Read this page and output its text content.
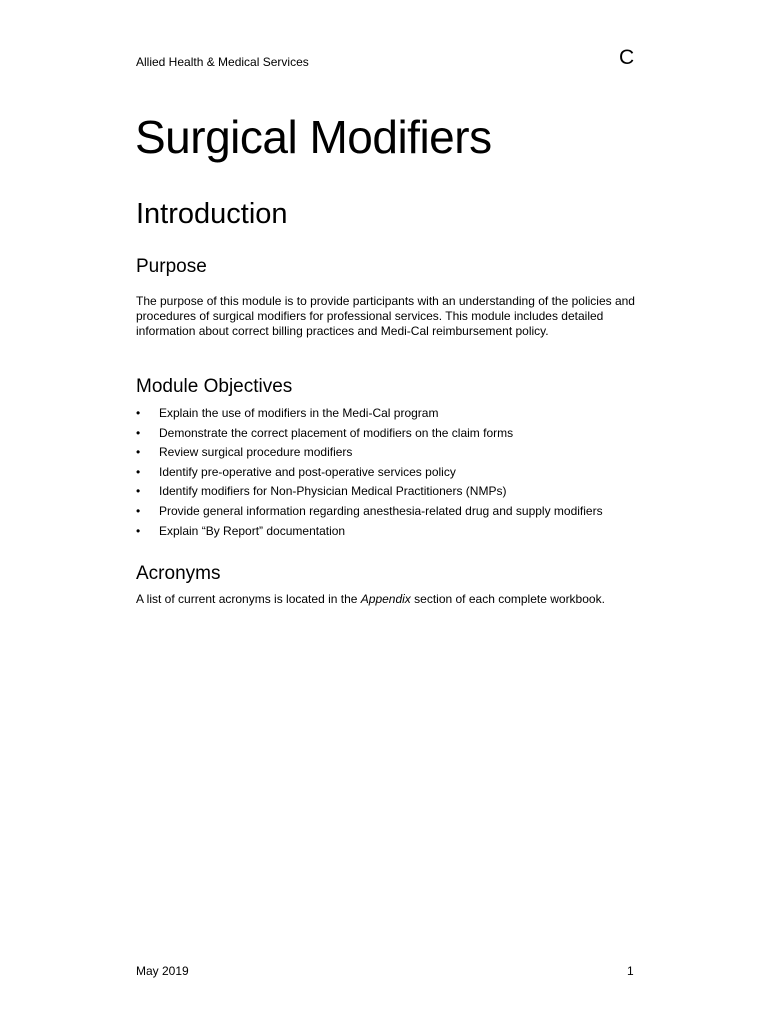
Allied Health & Medical Services	C
Surgical Modifiers
Introduction
Purpose

The purpose of this module is to provide participants with an understanding of the policies and procedures of surgical modifiers for professional services. This module includes detailed information about correct billing practices and Medi-Cal reimbursement policy.

Module Objectives
• Explain the use of modifiers in the Medi-Cal program
• Demonstrate the correct placement of modifiers on the claim forms
• Review surgical procedure modifiers
• Identify pre-operative and post-operative services policy
• Identify modifiers for Non-Physician Medical Practitioners (NMPs)
• Provide general information regarding anesthesia-related drug and supply modifiers
• Explain “By Report” documentation
Acronyms

A list of current acronyms is located in the Appendix section of each complete workbook.

May 2019	1
